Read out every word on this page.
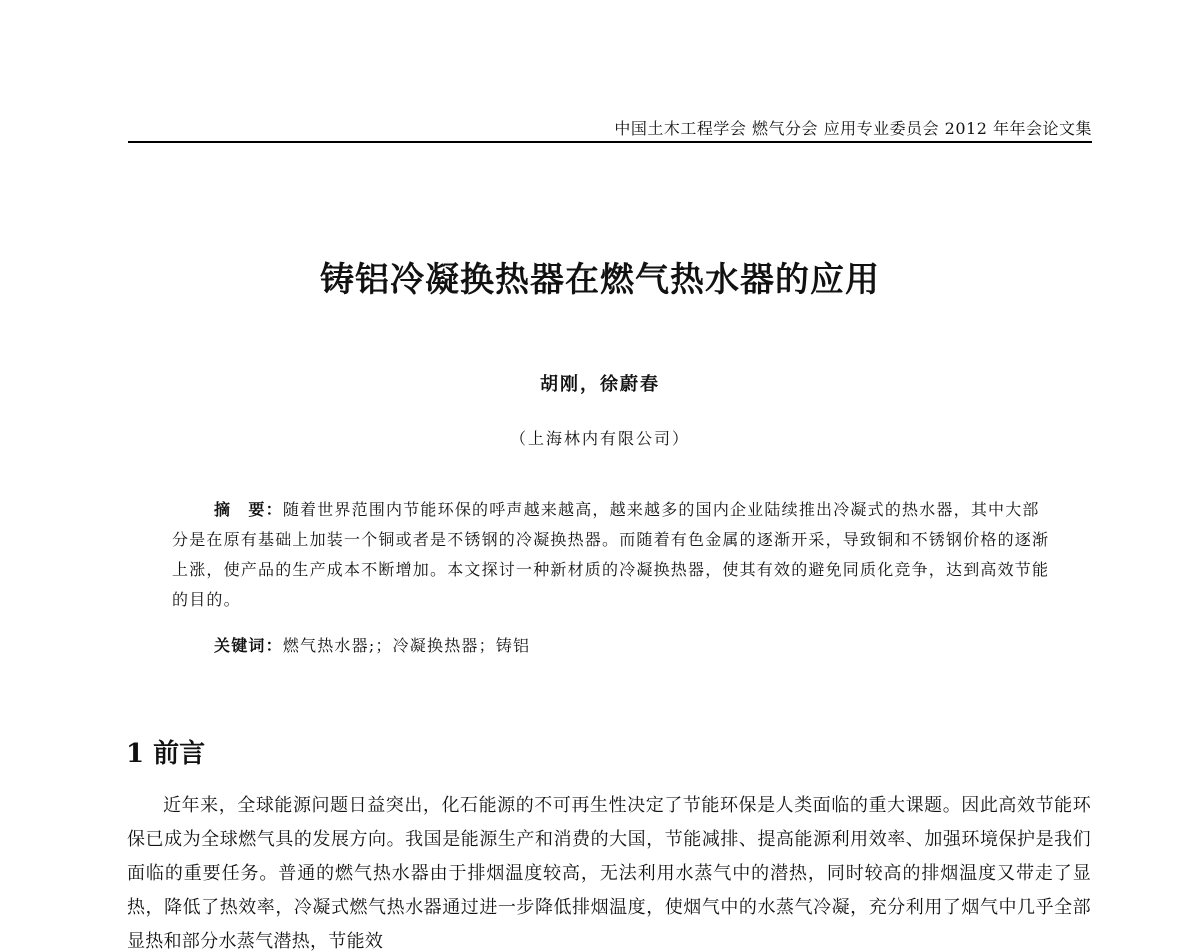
中国土木工程学会 燃气分会 应用专业委员会 2012 年年会论文集
铸铝冷凝换热器在燃气热水器的应用
胡刚，徐蔚春
（上海林内有限公司）

摘　要：随着世界范围内节能环保的呼声越来越高，越来越多的国内企业陆续推出冷凝式的热水器，其中大部分是在原有基础上加装一个铜或者是不锈钢的冷凝换热器。而随着有色金属的逐渐开采，导致铜和不锈钢价格的逐渐上涨，使产品的生产成本不断增加。本文探讨一种新材质的冷凝换热器，使其有效的避免同质化竞争，达到高效节能的目的。

关键词：燃气热水器;；冷凝换热器；铸铝
1 前言

近年来，全球能源问题日益突出，化石能源的不可再生性决定了节能环保是人类面临的重大课题。因此高效节能环保已成为全球燃气具的发展方向。我国是能源生产和消费的大国，节能减排、提高能源利用效率、加强环境保护是我们面临的重要任务。普通的燃气热水器由于排烟温度较高，无法利用水蒸气中的潜热，同时较高的排烟温度又带走了显热，降低了热效率，冷凝式燃气热水器通过进一步降低排烟温度，使烟气中的水蒸气冷凝，充分利用了烟气中几乎全部显热和部分水蒸气潜热，节能效
